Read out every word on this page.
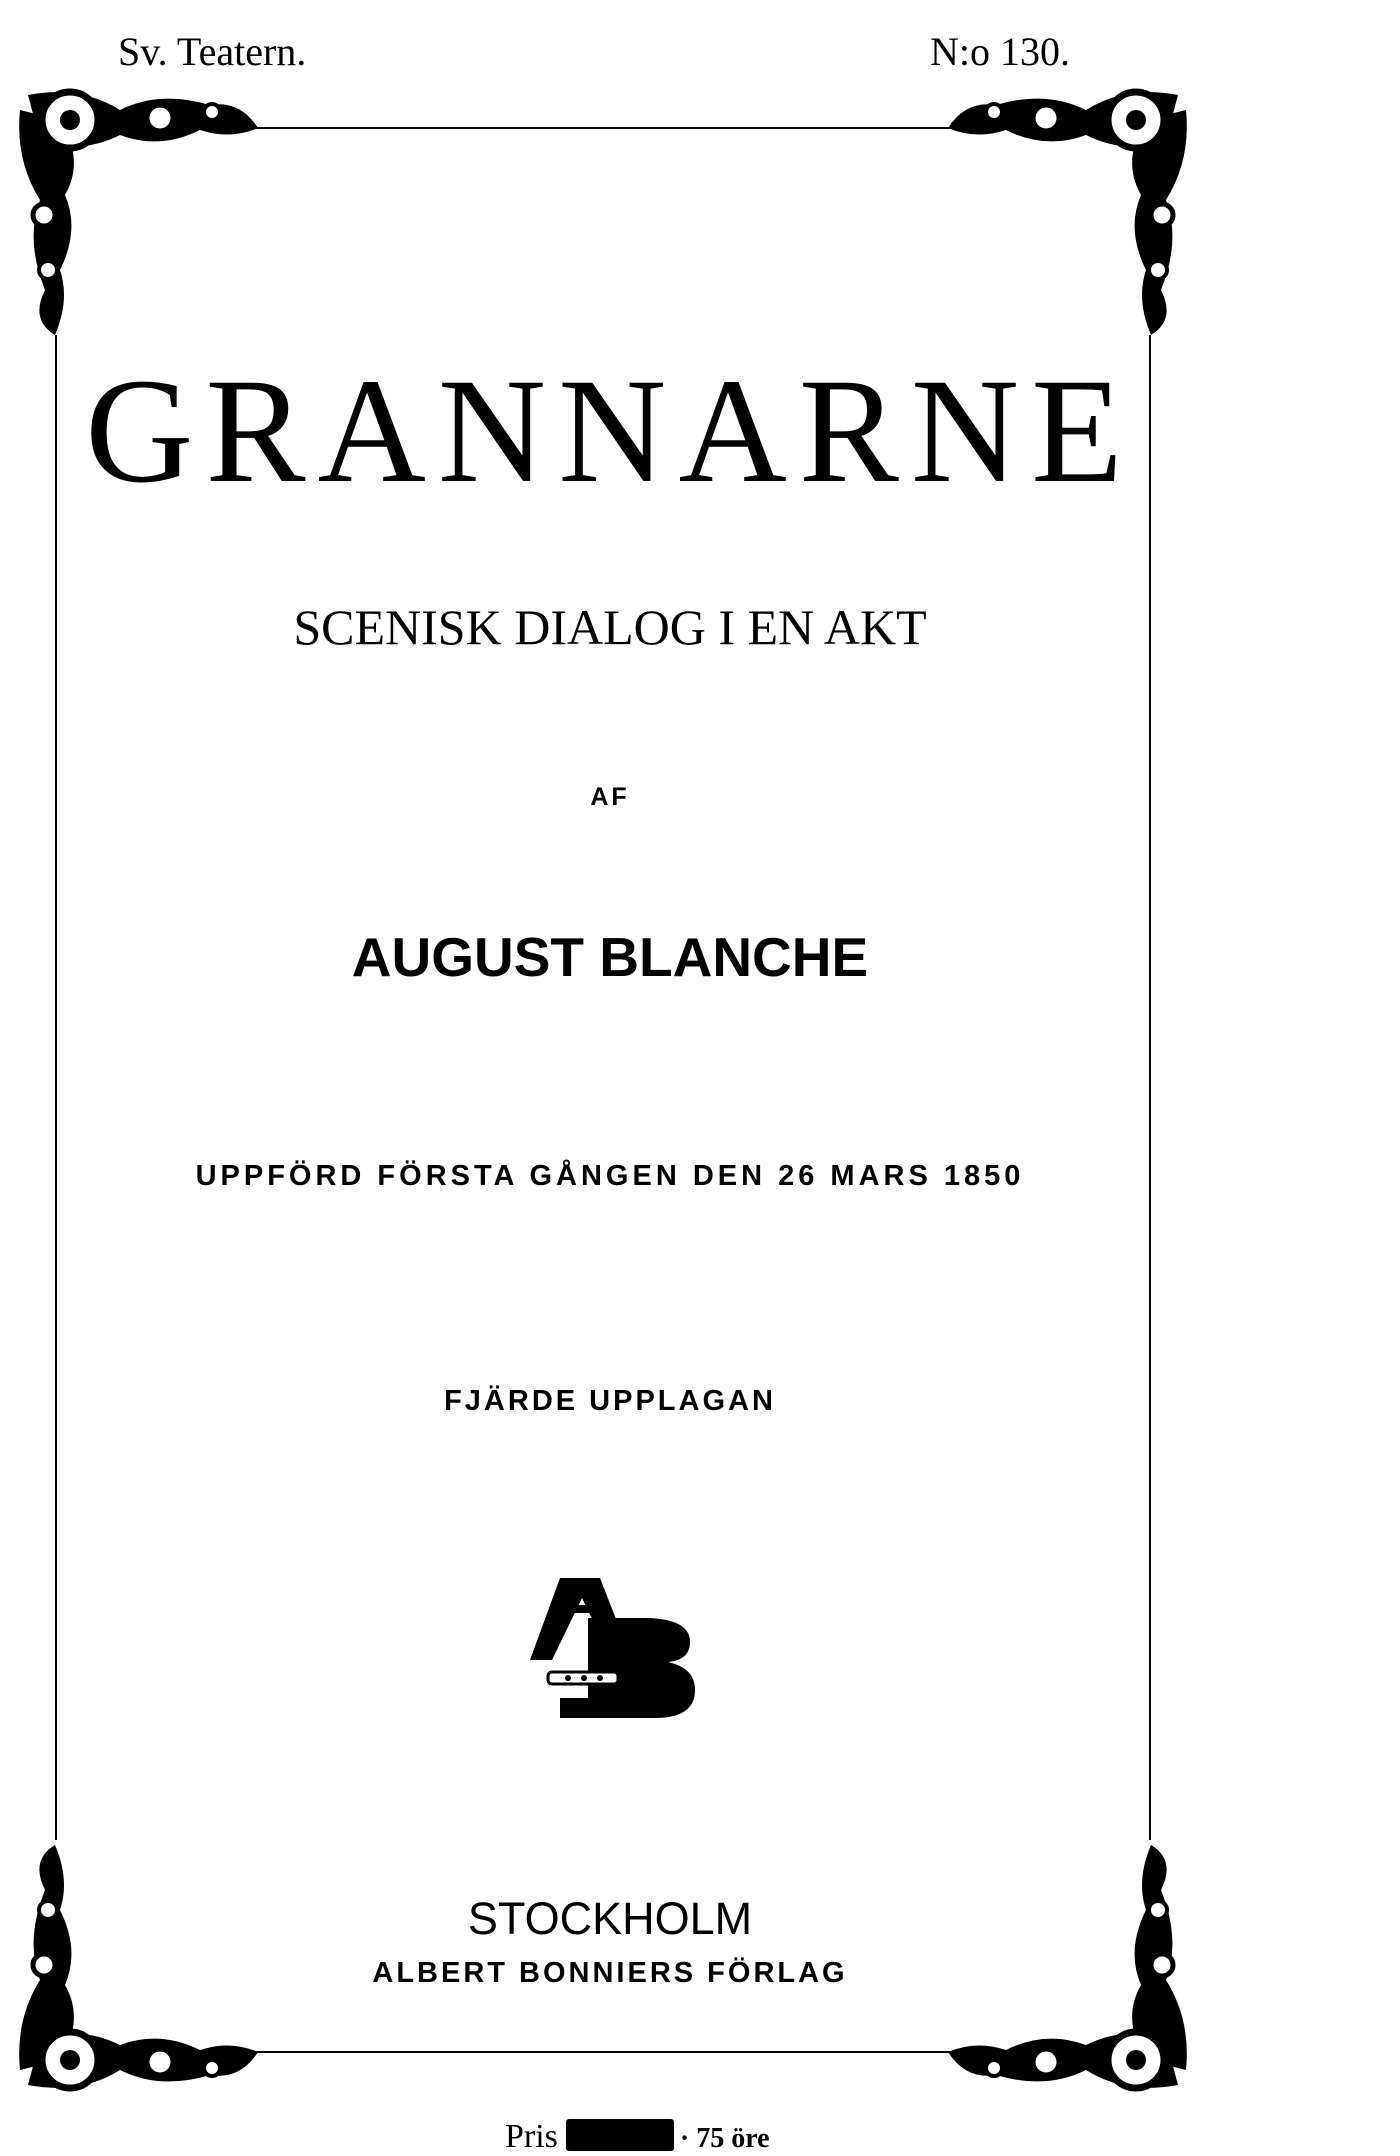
Sv. Teatern.	N:o 130.
GRANNARNE
SCENISK DIALOG I EN AKT
AF
AUGUST BLANCHE
UPPFÖRD FÖRSTA GÅNGEN DEN 26 MARS 1850
FJÄRDE UPPLAGAN
STOCKHOLM
ALBERT BONNIERS FÖRLAG
Pris	· 75 öre
